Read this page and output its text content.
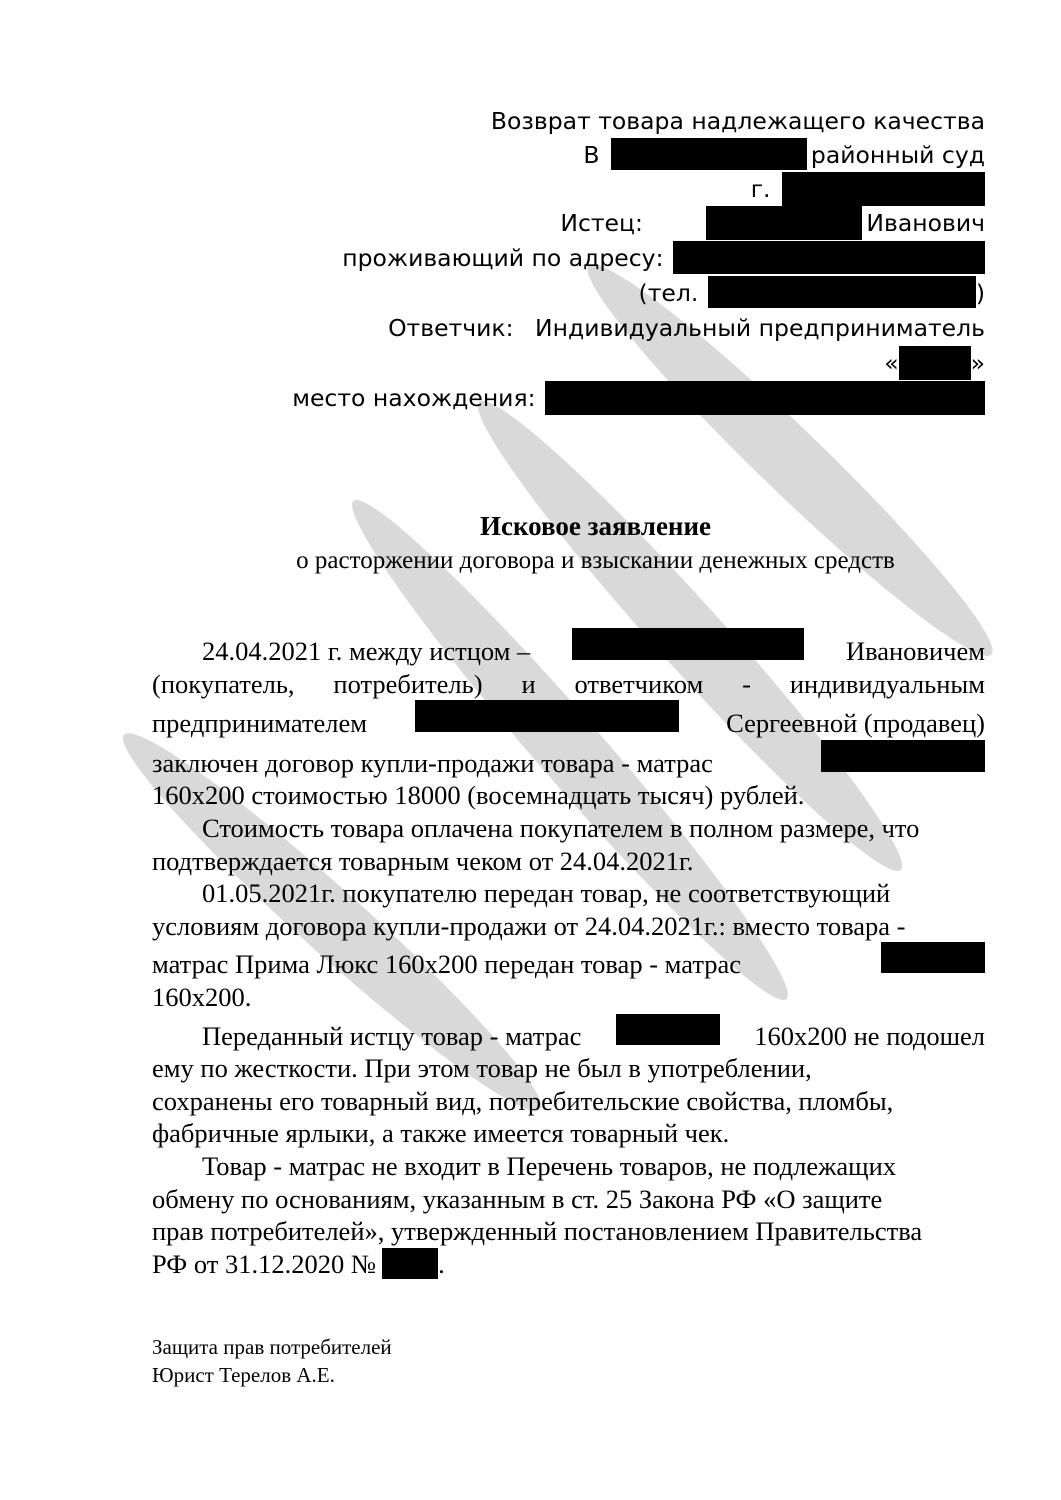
Возврат товара надлежащего качества
В	районный суд
г.
Истец:	Иванович
проживающий по адресу:
(тел.	)
Ответчик: Индивидуальный предприниматель
«	»
место нахождения:
Исковое заявление
о расторжении договора и взыскании денежных средств
24.04.2021 г. между истцом –	Ивановичем
(покупатель, потребитель) и ответчиком - индивидуальным
предпринимателем	Сергеевной (продавец)
заключен договор купли-продажи товара - матрас
160х200 стоимостью 18000 (восемнадцать тысяч) рублей.
Стоимость товара оплачена покупателем в полном размере, что
подтверждается товарным чеком от 24.04.2021г.
01.05.2021г. покупателю передан товар, не соответствующий
условиям договора купли-продажи от 24.04.2021г.: вместо товара -
матрас Прима Люкс 160х200 передан товар - матрас
160х200.
Переданный истцу товар - матрас	160х200 не подошел
ему по жесткости. При этом товар не был в употреблении,
сохранены его товарный вид, потребительские свойства, пломбы,
фабричные ярлыки, а также имеется товарный чек.
Товар - матрас не входит в Перечень товаров, не подлежащих
обмену по основаниям, указанным в ст. 25 Закона РФ «О защите
прав потребителей», утвержденный постановлением Правительства
РФ от 31.12.2020 №	.
Защита прав потребителей
Юрист Терелов А.Е.
